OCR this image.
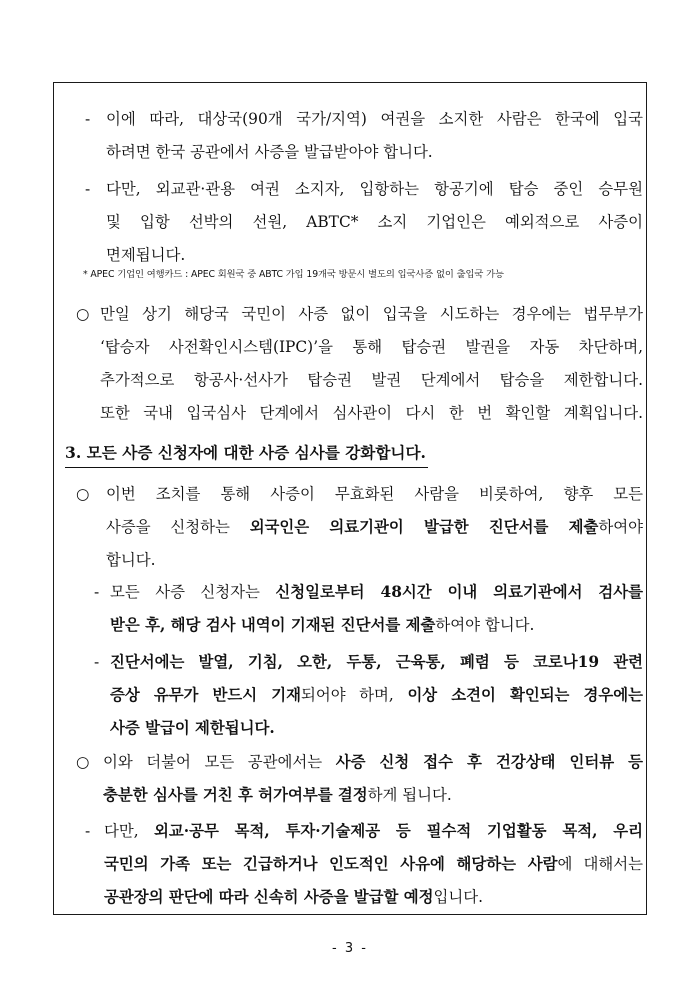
- 이에 따라, 대상국(90개 국가/지역) 여권을 소지한 사람은 한국에 입국
하려면 한국 공관에서 사증을 발급받아야 합니다.
- 다만, 외교관·관용 여권 소지자, 입항하는 항공기에 탑승 중인 승무원
및 입항 선박의 선원, ABTC* 소지 기업인은 예외적으로 사증이
면제됩니다.
* APEC 기업인 여행카드 : APEC 회원국 중 ABTC 가입 19개국 방문시 별도의 입국사증 없이 출입국 가능
○ 만일 상기 해당국 국민이 사증 없이 입국을 시도하는 경우에는 법무부가
‘탑승자 사전확인시스템(IPC)’을 통해 탑승권 발권을 자동 차단하며,
추가적으로 항공사·선사가 탑승권 발권 단계에서 탑승을 제한합니다.
또한 국내 입국심사 단계에서 심사관이 다시 한 번 확인할 계획입니다.
3. 모든 사증 신청자에 대한 사증 심사를 강화합니다.
○ 이번 조치를 통해 사증이 무효화된 사람을 비롯하여, 향후 모든
사증을 신청하는 외국인은 의료기관이 발급한 진단서를 제출하여야
합니다.
- 모든 사증 신청자는 신청일로부터 48시간 이내 의료기관에서 검사를
받은 후, 해당 검사 내역이 기재된 진단서를 제출하여야 합니다.
- 진단서에는 발열, 기침, 오한, 두통, 근육통, 폐렴 등 코로나19 관련
증상 유무가 반드시 기재되어야 하며, 이상 소견이 확인되는 경우에는
사증 발급이 제한됩니다.
○ 이와 더불어 모든 공관에서는 사증 신청 접수 후 건강상태 인터뷰 등
충분한 심사를 거친 후 허가여부를 결정하게 됩니다.
- 다만, 외교·공무 목적, 투자·기술제공 등 필수적 기업활동 목적, 우리
국민의 가족 또는 긴급하거나 인도적인 사유에 해당하는 사람에 대해서는
공관장의 판단에 따라 신속히 사증을 발급할 예정입니다.
- 3 -
